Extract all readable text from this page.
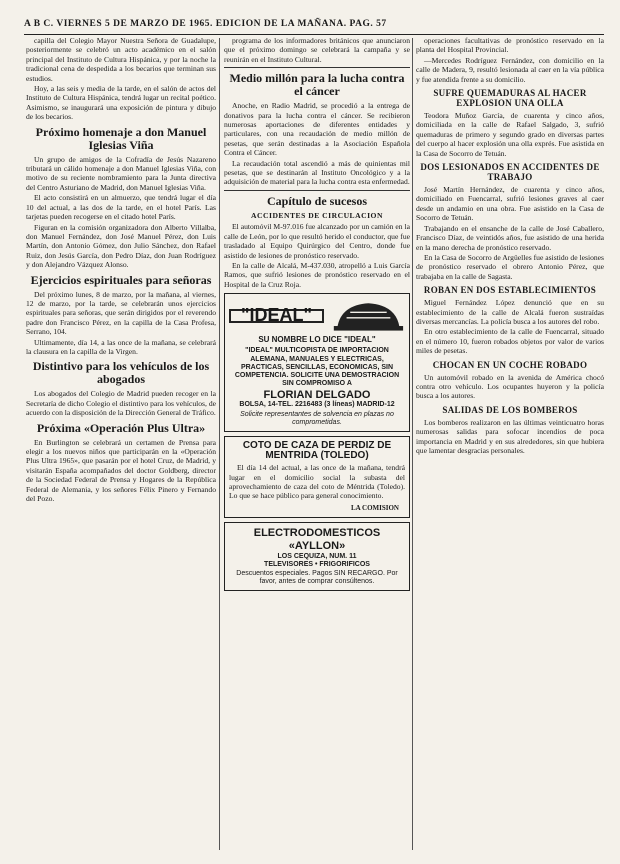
A B C. VIERNES 5 DE MARZO DE 1965. EDICION DE LA MAÑANA. PAG. 57

capilla del Colegio Mayor Nuestra Señora de Guadalupe, posteriormente se celebró un acto académico en el salón principal del Instituto de Cultura Hispánica, y por la noche la tradicional cena de despedida a los becarios que terminan sus estudios.

Hoy, a las seis y media de la tarde, en el salón de actos del Instituto de Cultura Hispánica, tendrá lugar un recital poético. Asimismo, se inaugurará una exposición de pintura y dibujo de los becarios.

Próximo homenaje a don Manuel Iglesias Viña

Un grupo de amigos de la Cofradía de Jesús Nazareno tributará un cálido homenaje a don Manuel Iglesias Viña, con motivo de su reciente nombramiento para la Junta directiva del Centro Asturiano de Madrid, don Manuel Iglesias Viña.

El acto consistirá en un almuerzo, que tendrá lugar el día 10 del actual, a las dos de la tarde, en el hotel París. Las tarjetas pueden recogerse en el citado hotel París.

Figuran en la comisión organizadora don Alberto Villalba, don Manuel Fernández, don José Manuel Pérez, don Luis Martín, don Antonio Gómez, don Julio Sánchez, don Rafael Ruiz, don Jesús García, don Pedro Díaz, don Juan Rodríguez y don Alejandro Vázquez Alonso.

Ejercicios espirituales para señoras

Del próximo lunes, 8 de marzo, por la mañana, al viernes, 12 de marzo, por la tarde, se celebrarán unos ejercicios espirituales para señoras, que serán dirigidos por el reverendo padre don Francisco Pérez, en la capilla de la Casa Profesa, Serrano, 104.

Ultimamente, día 14, a las once de la mañana, se celebrará la clausura en la capilla de la Virgen.

Distintivo para los vehículos de los abogados

Los abogados del Colegio de Madrid pueden recoger en la Secretaría de dicho Colegio el distintivo para los vehículos, de acuerdo con la disposición de la Dirección General de Tráfico.

Próxima «Operación Plus Ultra»

En Burlington se celebrará un certamen de Prensa para elegir a los nuevos niños que participarán en la «Operación Plus Ultra 1965», que pasarán por el hotel Cruz, de Madrid, y visitarán España acompañados del doctor Goldberg, director de la Sociedad Federal de Prensa y Hogares de la República Federal de Alemania, y los señores Félix Pinero y Fernando del Pozo.

programa de los informadores británicos que anunciaron que el próximo domingo se celebrará la campaña y se reunirán en el Instituto Cultural.

Medio millón para la lucha contra el cáncer

Anoche, en Radio Madrid, se procedió a la entrega de donativos para la lucha contra el cáncer. Se recibieron numerosas aportaciones de diferentes entidades y particulares, con una recaudación de medio millón de pesetas, que serán destinadas a la Asociación Española Contra el Cáncer.

La recaudación total ascendió a más de quinientas mil pesetas, que se destinarán al Instituto Oncológico y a la adquisición de material para la lucha contra esta enfermedad.

Capítulo de sucesos
ACCIDENTES DE CIRCULACION

El automóvil M-97.016 fue alcanzado por un camión en la calle de León, por lo que resultó herido el conductor, que fue trasladado al Equipo Quirúrgico del Centro, donde fue asistido de lesiones de pronóstico reservado.

En la calle de Alcalá, M-437.030, atropelló a Luis García Ramos, que sufrió lesiones de pronóstico reservado en el Hospital de la Cruz Roja.

"IDEAL"
SU NOMBRE LO DICE "IDEAL"
"IDEAL" MULTICOPISTA DE IMPORTACION ALEMANA, MANUALES Y ELECTRICAS, PRACTICAS, SENCILLAS, ECONOMICAS, SIN COMPETENCIA. SOLICITE UNA DEMOSTRACION SIN COMPROMISO A
FLORIAN DELGADO
BOLSA, 14-TEL. 2216483 (3 líneas) MADRID-12
Solicite representantes de solvencia en plazas no comprometidas.
COTO DE CAZA DE PERDIZ DE MENTRIDA (TOLEDO)

El día 14 del actual, a las once de la mañana, tendrá lugar en el domicilio social la subasta del aprovechamiento de caza del coto de Méntrida (Toledo). Lo que se hace público para general conocimiento.

LA COMISION
ELECTRODOMESTICOS «AYLLON»
LOS CEQUIZA, NUM. 11
TELEVISORES • FRIGORIFICOS
Descuentos especiales. Pagos SIN RECARGO. Por favor, antes de comprar consúltenos.

operaciones facultativas de pronóstico reservado en la planta del Hospital Provincial.

—Mercedes Rodríguez Fernández, con domicilio en la calle de Madera, 9, resultó lesionada al caer en la vía pública y fue atendida frente a su domicilio.

SUFRE QUEMADURAS AL HACER EXPLOSION UNA OLLA

Teodora Muñoz García, de cuarenta y cinco años, domiciliada en la calle de Rafael Salgado, 3, sufrió quemaduras de primero y segundo grado en diversas partes del cuerpo al hacer explosión una olla exprés. Fue asistida en la Casa de Socorro de Tetuán.

DOS LESIONADOS EN ACCIDENTES DE TRABAJO

José Martín Hernández, de cuarenta y cinco años, domiciliado en Fuencarral, sufrió lesiones graves al caer desde un andamio en una obra. Fue asistido en la Casa de Socorro de Tetuán.

Trabajando en el ensanche de la calle de José Caballero, Francisco Díaz, de veintidós años, fue asistido de una herida en la mano derecha de pronóstico reservado.

En la Casa de Socorro de Argüelles fue asistido de lesiones de pronóstico reservado el obrero Antonio Pérez, que trabajaba en la calle de Sagasta.

ROBAN EN DOS ESTABLECIMIENTOS

Miguel Fernández López denunció que en su establecimiento de la calle de Alcalá fueron sustraídas diversas mercancías. La policía busca a los autores del robo.

En otro establecimiento de la calle de Fuencarral, situado en el número 10, fueron robados objetos por valor de varios miles de pesetas.

CHOCAN EN UN COCHE ROBADO

Un automóvil robado en la avenida de América chocó contra otro vehículo. Los ocupantes huyeron y la policía busca a los autores.

SALIDAS DE LOS BOMBEROS

Los bomberos realizaron en las últimas veinticuatro horas numerosas salidas para sofocar incendios de poca importancia en Madrid y en sus alrededores, sin que hubiera que lamentar desgracias personales.
